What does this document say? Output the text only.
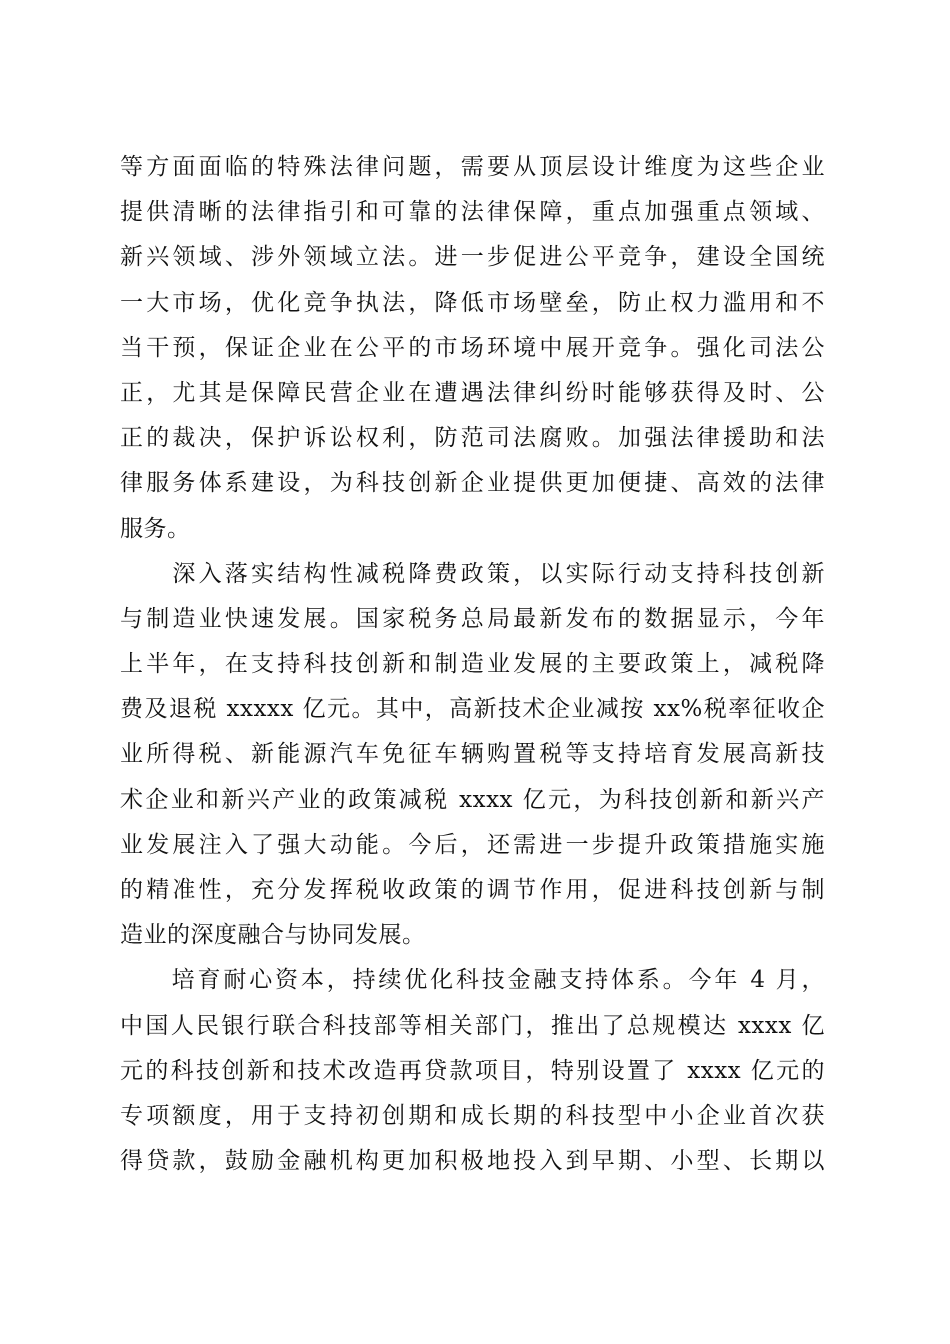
等方面面临的特殊法律问题，需要从顶层设计维度为这些企业
提供清晰的法律指引和可靠的法律保障，重点加强重点领域、
新兴领域、涉外领域立法。进一步促进公平竞争，建设全国统
一大市场，优化竞争执法，降低市场壁垒，防止权力滥用和不
当干预，保证企业在公平的市场环境中展开竞争。强化司法公
正，尤其是保障民营企业在遭遇法律纠纷时能够获得及时、公
正的裁决，保护诉讼权利，防范司法腐败。加强法律援助和法
律服务体系建设，为科技创新企业提供更加便捷、高效的法律
服务。
　　深入落实结构性减税降费政策，以实际行动支持科技创新
与制造业快速发展。国家税务总局最新发布的数据显示，今年
上半年，在支持科技创新和制造业发展的主要政策上，减税降
费及退税 xxxxx 亿元。其中，高新技术企业减按 xx%税率征收企
业所得税、新能源汽车免征车辆购置税等支持培育发展高新技
术企业和新兴产业的政策减税 xxxx 亿元，为科技创新和新兴产
业发展注入了强大动能。今后，还需进一步提升政策措施实施
的精准性，充分发挥税收政策的调节作用，促进科技创新与制
造业的深度融合与协同发展。
　　培育耐心资本，持续优化科技金融支持体系。今年 4 月，
中国人民银行联合科技部等相关部门，推出了总规模达 xxxx 亿
元的科技创新和技术改造再贷款项目，特别设置了 xxxx 亿元的
专项额度，用于支持初创期和成长期的科技型中小企业首次获
得贷款，鼓励金融机构更加积极地投入到早期、小型、长期以
